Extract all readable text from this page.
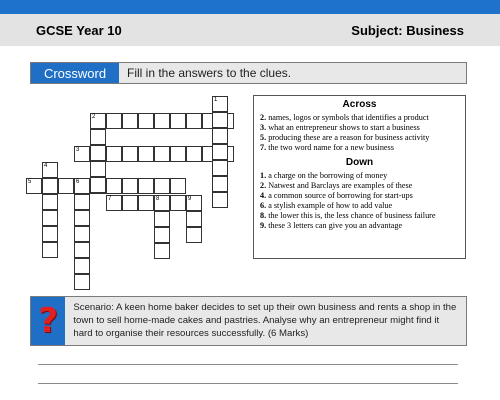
GCSE Year 10	Subject: Business
Crossword	Fill in the answers to the clues.
2
3
5	6
7	8	9
1
4
Across
2. names, logos or symbols that identifies a product
3. what an entrepreneur shows to start a business
5. producing these are a reason for business activity
7. the two word name for a new business
Down
1. a charge on the borrowing of money
2. Natwest and Barclays are examples of these
4. a common source of borrowing for start-ups
6. a stylish example of how to add value
8. the lower this is, the less chance of business failure
9. these 3 letters can give you an advantage
?	Scenario: A keen home baker decides to set up their own business and rents a shop in the town to sell home-made cakes and pastries. Analyse why an entrepreneur might find it hard to organise their resources successfully. (6 Marks)
